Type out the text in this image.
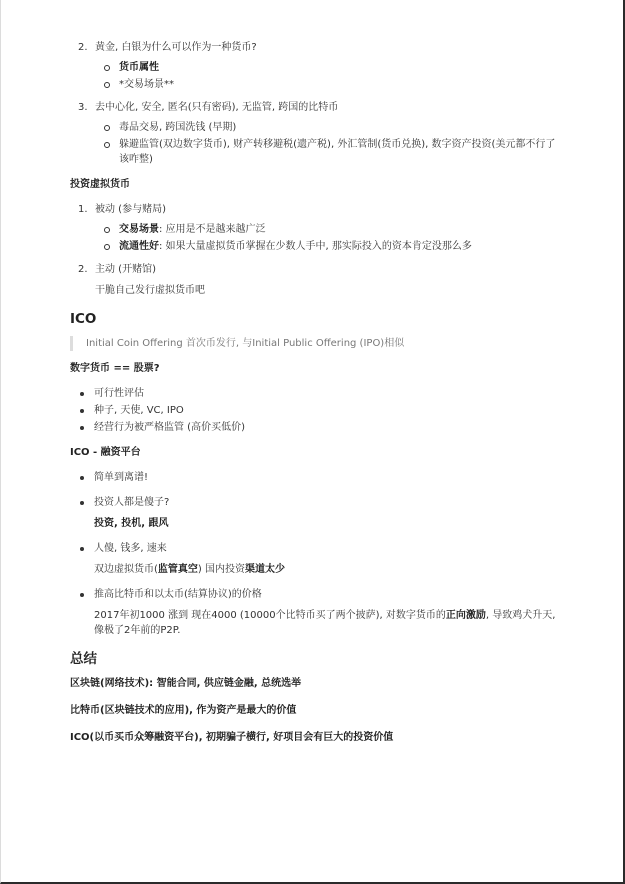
2. 黄金, 白银为什么可以作为一种货币?
货币属性
*交易场景**
3. 去中心化, 安全, 匿名(只有密码), 无监管, 跨国的比特币
毒品交易, 跨国洗钱 (早期)
躲避监管(双边数字货币), 财产转移避税(遗产税), 外汇管制(货币兑换), 数字资产投资(美元都不行了该咋整)
投资虚拟货币
1. 被动 (参与赌局)
交易场景: 应用是不是越来越广泛
流通性好: 如果大量虚拟货币掌握在少数人手中, 那实际投入的资本肯定没那么多
2. 主动 (开赌馆)
干脆自己发行虚拟货币吧
ICO
Initial Coin Offering 首次币发行, 与Initial Public Offering (IPO)相似
数字货币 == 股票?
可行性评估
种子, 天使, VC, IPO
经营行为被严格监管 (高价买低价)
ICO - 融资平台
简单到离谱!
投资人都是傻子?
投资, 投机, 跟风
人傻, 钱多, 速来
双边虚拟货币(监管真空) 国内投资渠道太少
推高比特币和以太币(结算协议)的价格
2017年初1000 涨到 现在4000 (10000个比特币买了两个披萨), 对数字货币的正向激励, 导致鸡犬升天, 像极了2年前的P2P.
总结
区块链(网络技术): 智能合同, 供应链金融, 总统选举
比特币(区块链技术的应用), 作为资产是最大的价值
ICO(以币买币众筹融资平台), 初期骗子横行, 好项目会有巨大的投资价值
